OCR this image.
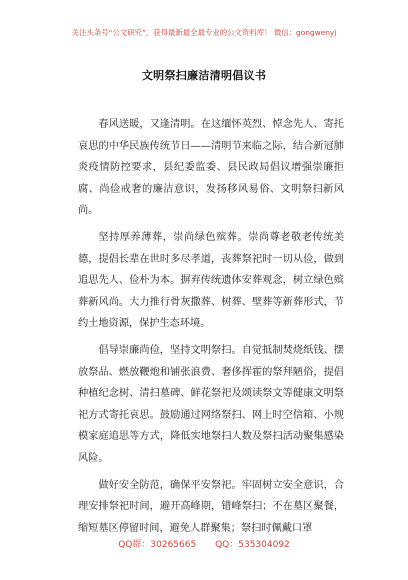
关注头条号“公文研究”，获得最新最全最专业的公文资料库！ 微信：gongwenyj
文明祭扫廉洁清明倡议书

春风送暖，又逢清明。在这缅怀英烈、悼念先人、寄托哀思的中华民族传统节日——清明节来临之际，结合新冠肺炎疫情防控要求，县纪委监委、县民政局倡议增强崇廉拒腐、尚俭戒奢的廉洁意识，发扬移风易俗、文明祭扫新风尚。

坚持厚养薄葬，崇尚绿色殡葬。崇尚尊老敬老传统美德，提倡长辈在世时多尽孝道，丧葬祭祀时一切从俭，做到追思先人、俭朴为本。摒弃传统遗体安葬观念，树立绿色殡葬新风尚。大力推行骨灰撒葬、树葬、壁葬等新葬形式，节约土地资源，保护生态环境。

倡导崇廉尚俭，坚持文明祭扫。自觉抵制焚烧纸钱、摆放祭品、燃放鞭炮和铺张浪费、奢侈挥霍的祭拜陋俗，提倡种植纪念树、清扫墓碑、鲜花祭祀及颂读祭文等健康文明祭祀方式寄托哀思。鼓励通过网络祭扫、网上时空信箱、小规模家庭追思等方式，降低实地祭扫人数及祭扫活动聚集感染风险。

做好安全防范，确保平安祭祀。牢固树立安全意识，合理安排祭祀时间，避开高峰期，错峰祭扫；不在墓区聚餐，缩短墓区停留时间，避免人群聚集；祭扫时佩戴口罩

QQ群：30265665 QQ：535304092
